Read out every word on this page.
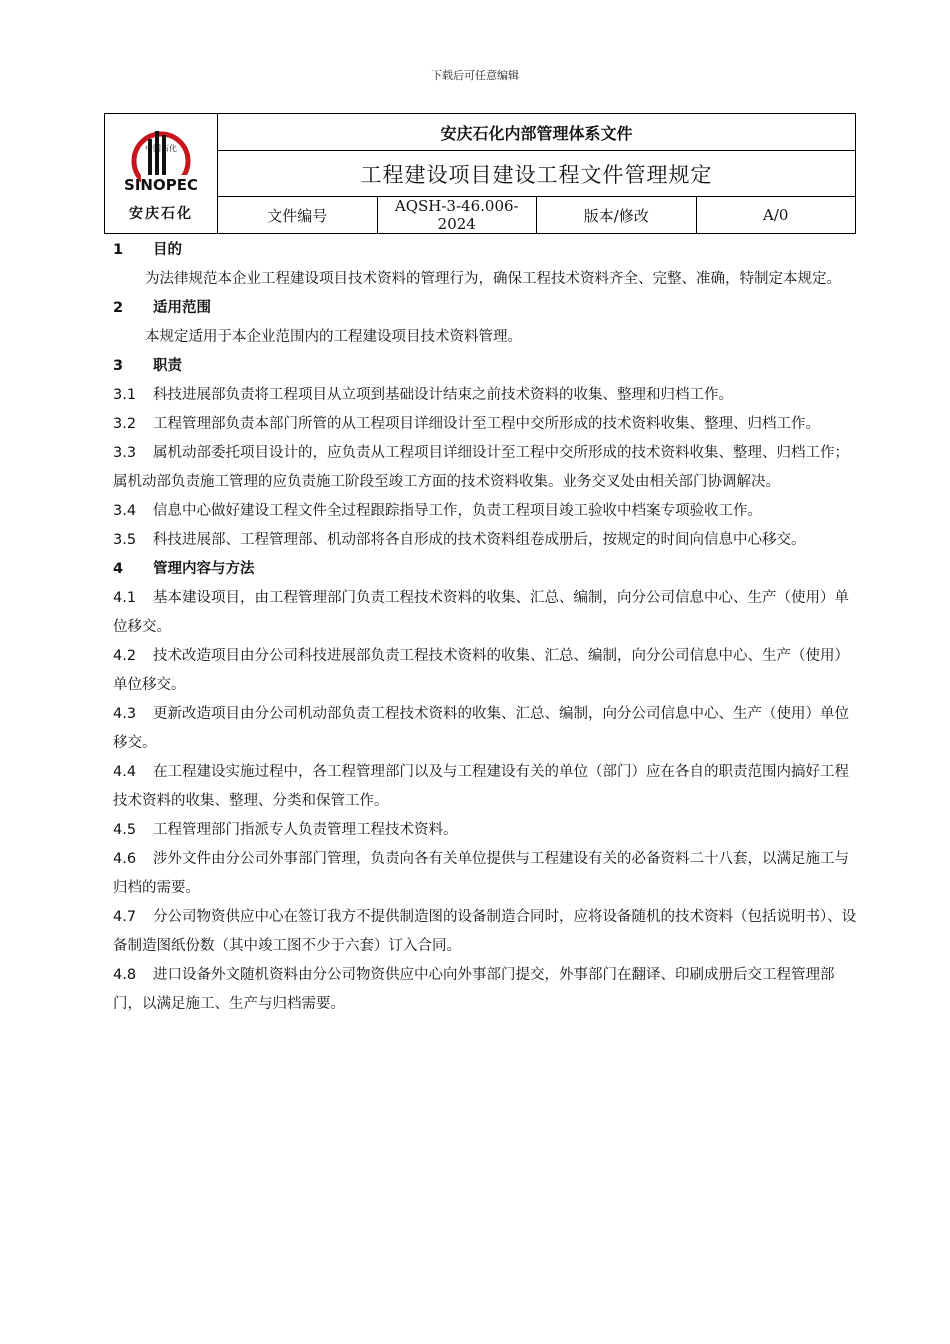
下载后可任意编辑
中国石化
SINOPEC
安庆石化	安庆石化内部管理体系文件			
	工程建设项目建设工程文件管理规定			
	文件编号	AQSH-3-46.006-2024	版本/修改	A/0

1 目的

为法律规范本企业工程建设项目技术资料的管理行为，确保工程技术资料齐全、完整、准确，特制定本规定。

2 适用范围

本规定适用于本企业范围内的工程建设项目技术资料管理。

3 职责

3.1 科技进展部负责将工程项目从立项到基础设计结束之前技术资料的收集、整理和归档工作。

3.2 工程管理部负责本部门所管的从工程项目详细设计至工程中交所形成的技术资料收集、整理、归档工作。

3.3 属机动部委托项目设计的，应负责从工程项目详细设计至工程中交所形成的技术资料收集、整理、归档工作；属机动部负责施工管理的应负责施工阶段至竣工方面的技术资料收集。业务交叉处由相关部门协调解决。

3.4 信息中心做好建设工程文件全过程跟踪指导工作，负责工程项目竣工验收中档案专项验收工作。

3.5 科技进展部、工程管理部、机动部将各自形成的技术资料组卷成册后，按规定的时间向信息中心移交。

4 管理内容与方法

4.1 基本建设项目，由工程管理部门负责工程技术资料的收集、汇总、编制，向分公司信息中心、生产（使用）单位移交。

4.2 技术改造项目由分公司科技进展部负责工程技术资料的收集、汇总、编制，向分公司信息中心、生产（使用）单位移交。

4.3 更新改造项目由分公司机动部负责工程技术资料的收集、汇总、编制，向分公司信息中心、生产（使用）单位移交。

4.4 在工程建设实施过程中，各工程管理部门以及与工程建设有关的单位（部门）应在各自的职责范围内搞好工程技术资料的收集、整理、分类和保管工作。

4.5 工程管理部门指派专人负责管理工程技术资料。

4.6 涉外文件由分公司外事部门管理，负责向各有关单位提供与工程建设有关的必备资料二十八套，以满足施工与归档的需要。

4.7 分公司物资供应中心在签订我方不提供制造图的设备制造合同时，应将设备随机的技术资料（包括说明书）、设备制造图纸份数（其中竣工图不少于六套）订入合同。

4.8 进口设备外文随机资料由分公司物资供应中心向外事部门提交，外事部门在翻译、印刷成册后交工程管理部门，以满足施工、生产与归档需要。
